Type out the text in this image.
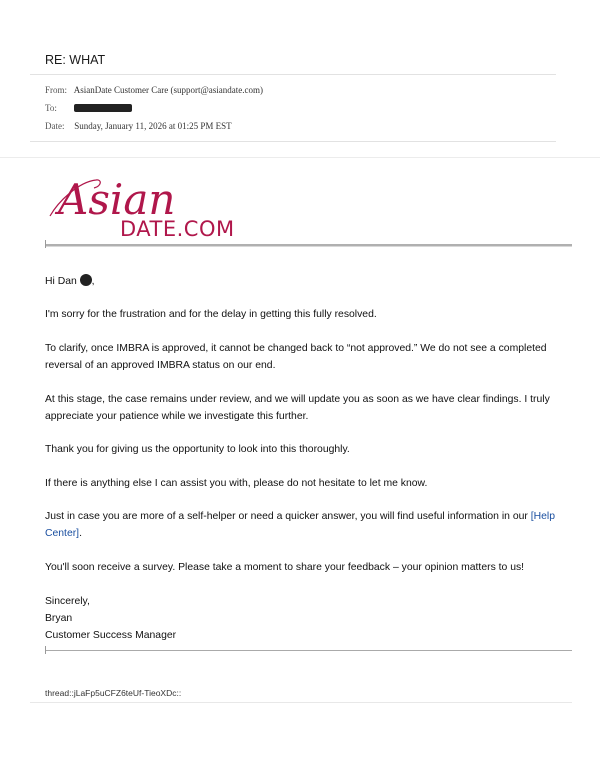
RE: WHAT
From: AsianDate Customer Care (support@asiandate.com)
To:
Date: Sunday, January 11, 2026 at 01:25 PM EST
Asian
DATE.COM
Hi Dan ,
I'm sorry for the frustration and for the delay in getting this fully resolved.
To clarify, once IMBRA is approved, it cannot be changed back to “not approved.” We do not see a completed reversal of an approved IMBRA status on our end.
At this stage, the case remains under review, and we will update you as soon as we have clear findings. I truly appreciate your patience while we investigate this further.
Thank you for giving us the opportunity to look into this thoroughly.
If there is anything else I can assist you with, please do not hesitate to let me know.
Just in case you are more of a self-helper or need a quicker answer, you will find useful information in our [Help Center].
You'll soon receive a survey. Please take a moment to share your feedback – your opinion matters to us!
Sincerely,
Bryan
Customer Success Manager
thread::jLaFp5uCFZ6teUf-TieoXDc::
